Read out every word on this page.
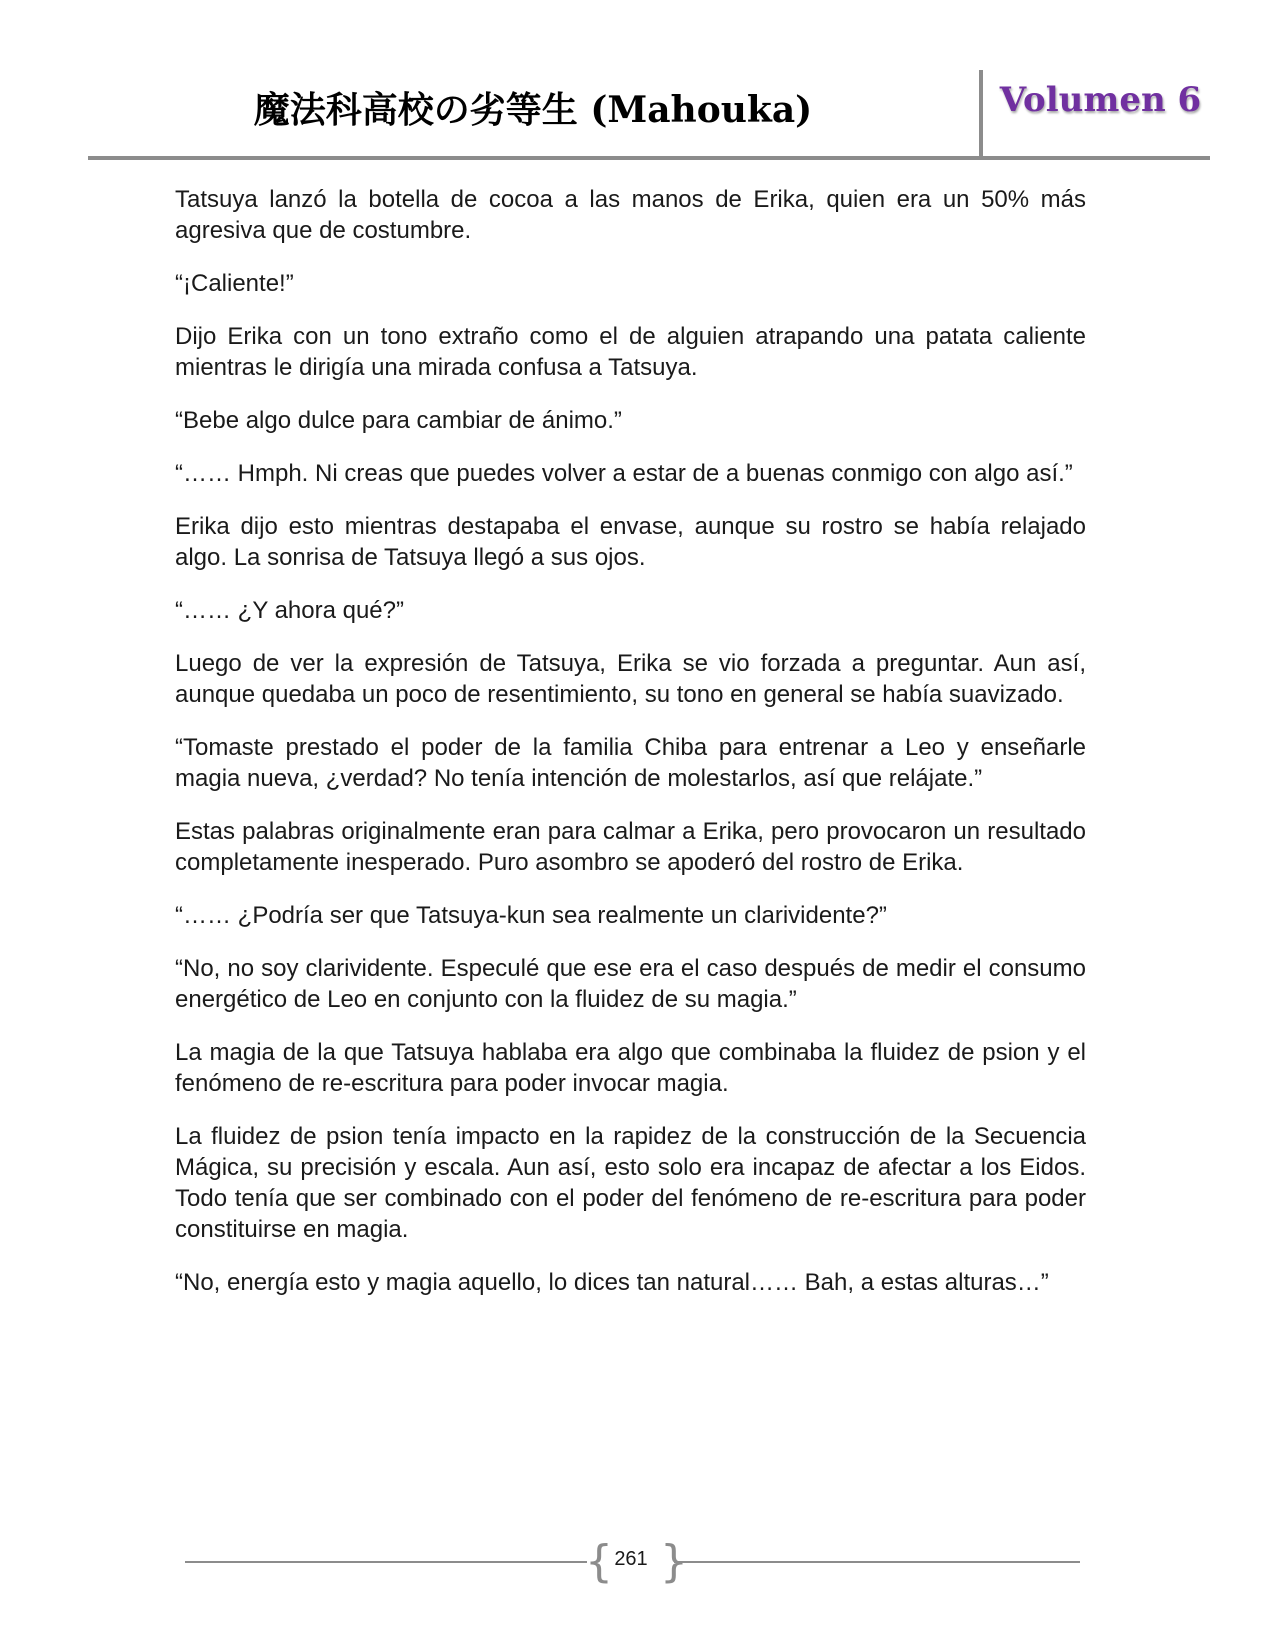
魔法科高校の劣等生 (Mahouka)	Volumen 6

Tatsuya lanzó la botella de cocoa a las manos de Erika, quien era un 50% más agresiva que de costumbre.

“¡Caliente!”

Dijo Erika con un tono extraño como el de alguien atrapando una patata caliente mientras le dirigía una mirada confusa a Tatsuya.

“Bebe algo dulce para cambiar de ánimo.”

“…… Hmph. Ni creas que puedes volver a estar de a buenas conmigo con algo así.”

Erika dijo esto mientras destapaba el envase, aunque su rostro se había relajado algo. La sonrisa de Tatsuya llegó a sus ojos.

“…… ¿Y ahora qué?”

Luego de ver la expresión de Tatsuya, Erika se vio forzada a preguntar. Aun así, aunque quedaba un poco de resentimiento, su tono en general se había suavizado.

“Tomaste prestado el poder de la familia Chiba para entrenar a Leo y enseñarle magia nueva, ¿verdad? No tenía intención de molestarlos, así que relájate.”

Estas palabras originalmente eran para calmar a Erika, pero provocaron un resultado completamente inesperado. Puro asombro se apoderó del rostro de Erika.

“…… ¿Podría ser que Tatsuya-kun sea realmente un clarividente?”

“No, no soy clarividente. Especulé que ese era el caso después de medir el consumo energético de Leo en conjunto con la fluidez de su magia.”

La magia de la que Tatsuya hablaba era algo que combinaba la fluidez de psion y el fenómeno de re-escritura para poder invocar magia.

La fluidez de psion tenía impacto en la rapidez de la construcción de la Secuencia Mágica, su precisión y escala. Aun así, esto solo era incapaz de afectar a los Eidos. Todo tenía que ser combinado con el poder del fenómeno de re-escritura para poder constituirse en magia.

“No, energía esto y magia aquello, lo dices tan natural…… Bah, a estas alturas…”

{ }
261
